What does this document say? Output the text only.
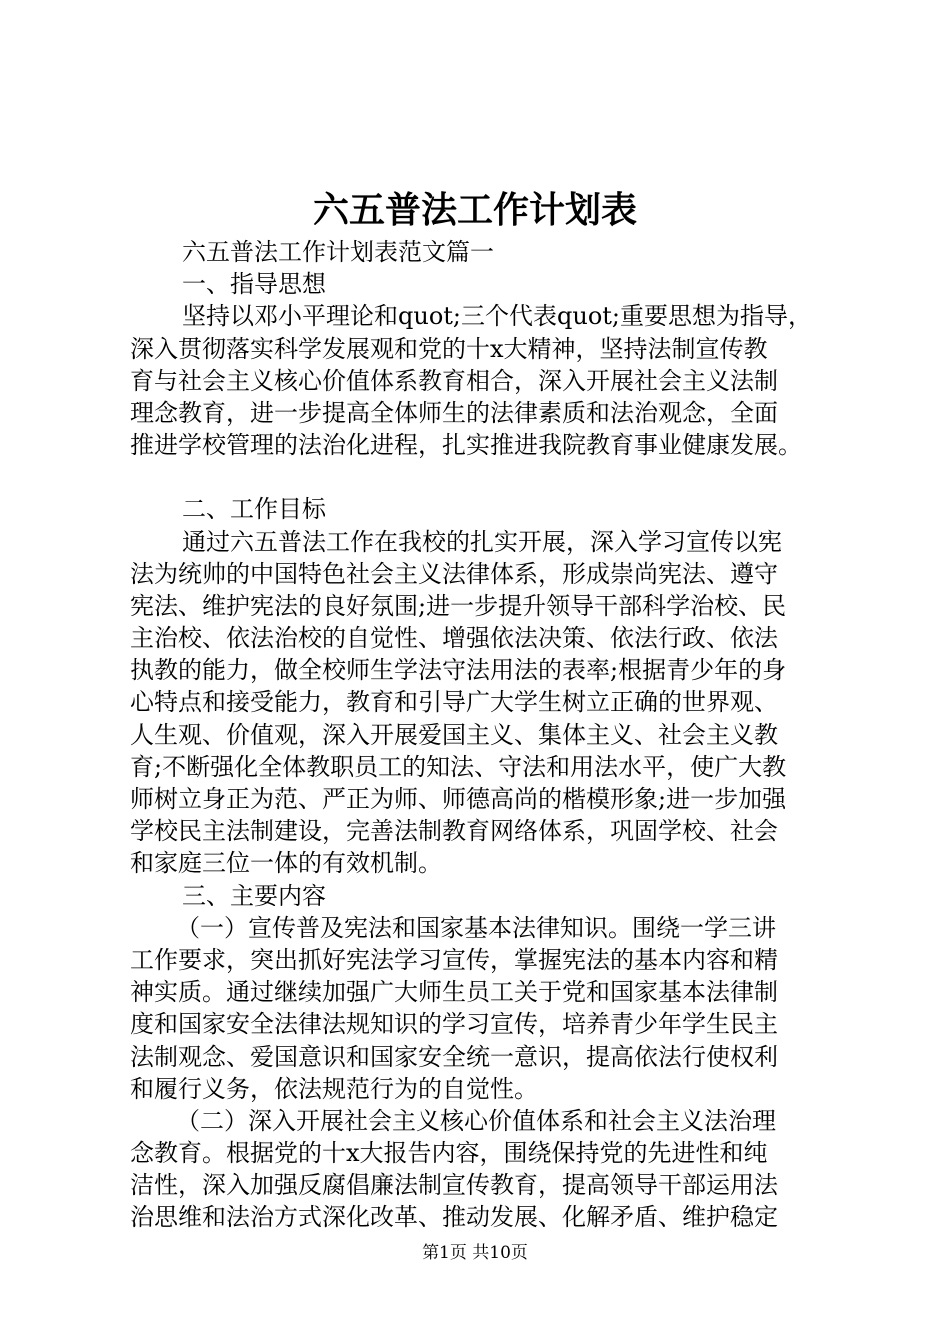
六五普法工作计划表
六五普法工作计划表范文篇一
一、指导思想
坚持以邓小平理论和quot;三个代表quot;重要思想为指导，
深入贯彻落实科学发展观和党的十x大精神，坚持法制宣传教
育与社会主义核心价值体系教育相合，深入开展社会主义法制
理念教育，进一步提高全体师生的法律素质和法治观念，全面
推进学校管理的法治化进程，扎实推进我院教育事业健康发展。
二、工作目标
通过六五普法工作在我校的扎实开展，深入学习宣传以宪
法为统帅的中国特色社会主义法律体系，形成崇尚宪法、遵守
宪法、维护宪法的良好氛围;进一步提升领导干部科学治校、民
主治校、依法治校的自觉性、增强依法决策、依法行政、依法
执教的能力，做全校师生学法守法用法的表率;根据青少年的身
心特点和接受能力，教育和引导广大学生树立正确的世界观、
人生观、价值观，深入开展爱国主义、集体主义、社会主义教
育;不断强化全体教职员工的知法、守法和用法水平，使广大教
师树立身正为范、严正为师、师德高尚的楷模形象;进一步加强
学校民主法制建设，完善法制教育网络体系，巩固学校、社会
和家庭三位一体的有效机制。
三、主要内容
（一）宣传普及宪法和国家基本法律知识。围绕一学三讲
工作要求，突出抓好宪法学习宣传，掌握宪法的基本内容和精
神实质。通过继续加强广大师生员工关于党和国家基本法律制
度和国家安全法律法规知识的学习宣传，培养青少年学生民主
法制观念、爱国意识和国家安全统一意识，提高依法行使权利
和履行义务，依法规范行为的自觉性。
（二）深入开展社会主义核心价值体系和社会主义法治理
念教育。根据党的十x大报告内容，围绕保持党的先进性和纯
洁性，深入加强反腐倡廉法制宣传教育，提高领导干部运用法
治思维和法治方式深化改革、推动发展、化解矛盾、维护稳定
第1页 共10页
